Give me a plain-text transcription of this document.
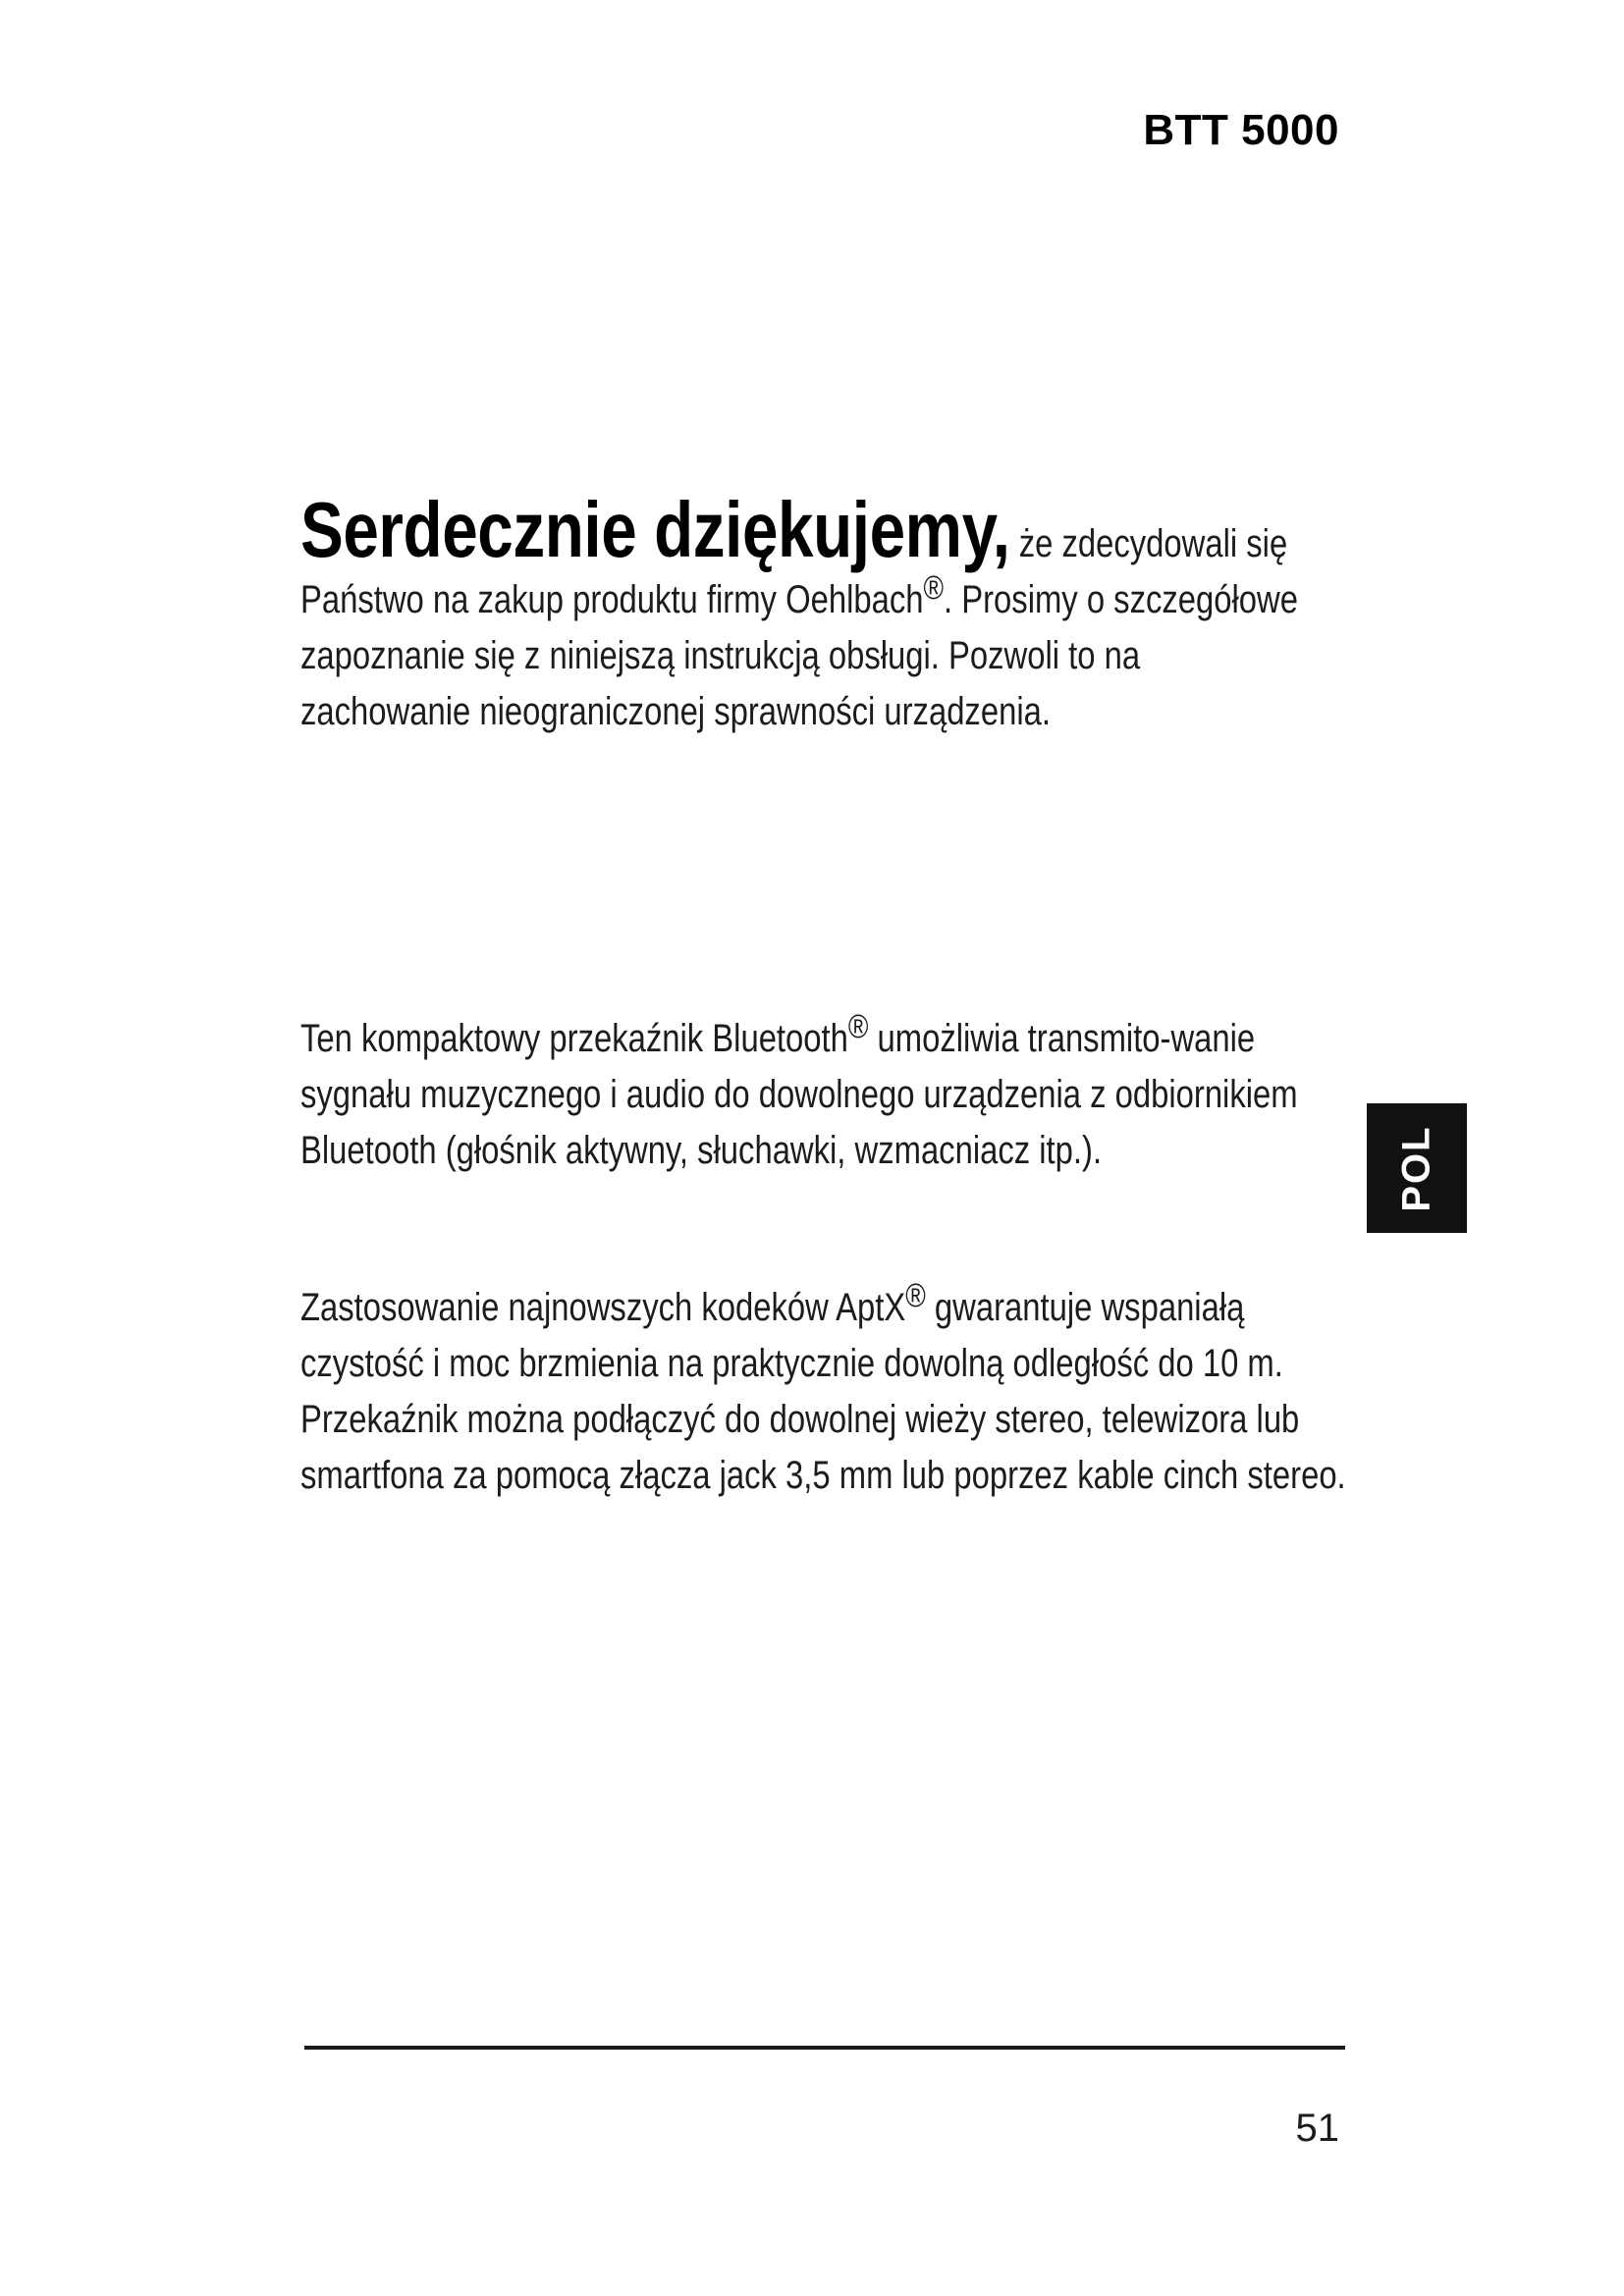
BTT 5000
Serdecznie dziękujemy, że zdecydowali się Państwo na zakup produktu firmy Oehlbach®. Prosimy o szczegółowe zapoznanie się z niniejszą instrukcją obsługi. Pozwoli to na zachowanie nieograniczonej sprawności urządzenia.
Ten kompaktowy przekaźnik Bluetooth® umożliwia transmito-wanie sygnału muzycznego i audio do dowolnego urządzenia z odbiornikiem Bluetooth (głośnik aktywny, słuchawki, wzmacniacz itp.).
Zastosowanie najnowszych kodeków AptX® gwarantuje wspaniałą czystość i moc brzmienia na praktycznie dowolną odległość do 10 m. Przekaźnik można podłączyć do dowolnej wieży stereo, telewizora lub smartfona za pomocą złącza jack 3,5 mm lub poprzez kable cinch stereo.
POL
51
